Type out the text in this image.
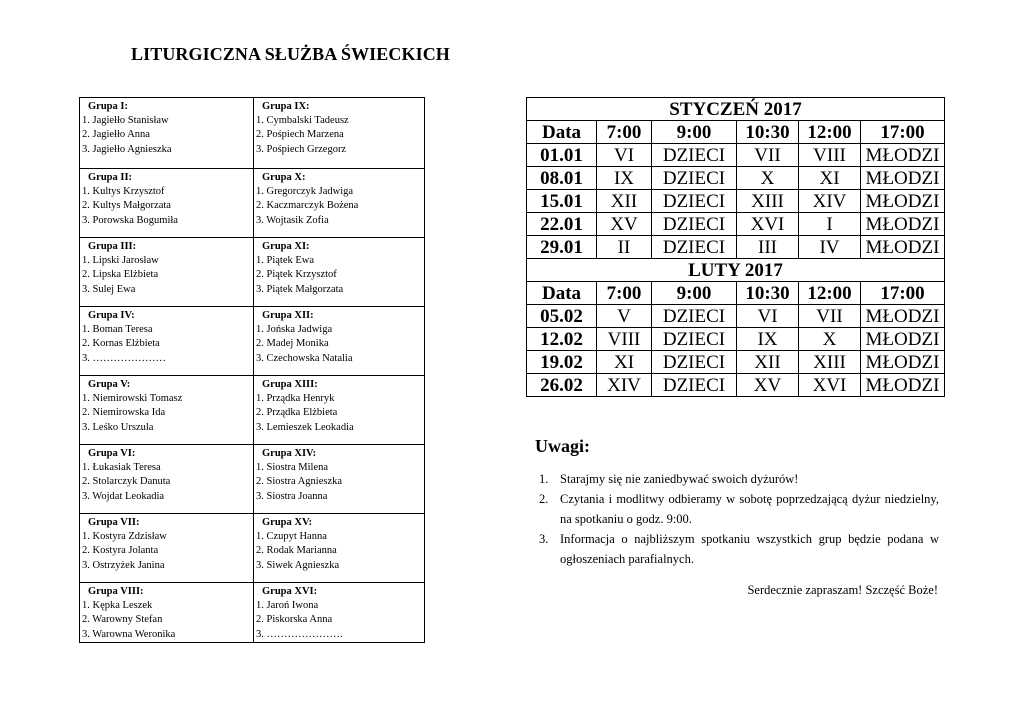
LITURGICZNA SŁUŻBA ŚWIECKICH
Grupa I:
1. Jagiełło Stanisław
2. Jagiełło Anna
3. Jagiełło Agnieszka	Grupa IX:
1. Cymbalski Tadeusz
2. Pośpiech Marzena
3. Pośpiech Grzegorz

Grupa II:
1. Kultys Krzysztof
2. Kultys Małgorzata
3. Porowska Bogumiła	Grupa X:
1. Gregorczyk Jadwiga
2. Kaczmarczyk Bożena
3. Wojtasik Zofia

Grupa III:
1. Lipski Jarosław
2. Lipska Elżbieta
3. Sulej Ewa	Grupa XI:
1. Piątek Ewa
2. Piątek Krzysztof
3. Piątek Małgorzata

Grupa IV:
1. Boman Teresa
2. Kornas Elżbieta
3. …………………	Grupa XII:
1. Jońska Jadwiga
2. Madej Monika
3. Czechowska Natalia

Grupa V:
1. Niemirowski Tomasz
2. Niemirowska Ida
3. Leśko Urszula	Grupa XIII:
1. Prządka Henryk
2. Prządka Elżbieta
3. Lemieszek Leokadia

Grupa VI:
1. Łukasiak Teresa
2. Stolarczyk Danuta
3. Wojdat Leokadia	Grupa XIV:
1. Siostra Milena
2. Siostra Agnieszka
3. Siostra Joanna

Grupa VII:
1. Kostyra Zdzisław
2. Kostyra Jolanta
3. Ostrzyżek Janina	Grupa XV:
1. Czupyt Hanna
2. Rodak Marianna
3. Siwek Agnieszka

Grupa VIII:
1. Kępka Leszek
2. Warowny Stefan
3. Warowna Weronika	Grupa XVI:
1. Jaroń Iwona
2. Piskorska Anna
3. ………………….
STYCZEŃ 2017					
Data	7:00	9:00	10:30	12:00	17:00
01.01	VI	DZIECI	VII	VIII	MŁODZI
08.01	IX	DZIECI	X	XI	MŁODZI
15.01	XII	DZIECI	XIII	XIV	MŁODZI
22.01	XV	DZIECI	XVI	I	MŁODZI
29.01	II	DZIECI	III	IV	MŁODZI
LUTY 2017					
Data	7:00	9:00	10:30	12:00	17:00
05.02	V	DZIECI	VI	VII	MŁODZI
12.02	VIII	DZIECI	IX	X	MŁODZI
19.02	XI	DZIECI	XII	XIII	MŁODZI
26.02	XIV	DZIECI	XV	XVI	MŁODZI
Uwagi:
1. Starajmy się nie zaniedbywać swoich dyżurów!
2. Czytania i modlitwy odbieramy w sobotę poprzedzającą dyżur niedzielny, na spotkaniu o godz. 9:00.
3. Informacja o najbliższym spotkaniu wszystkich grup będzie podana w ogłoszeniach parafialnych.
Serdecznie zapraszam! Szczęść Boże!
